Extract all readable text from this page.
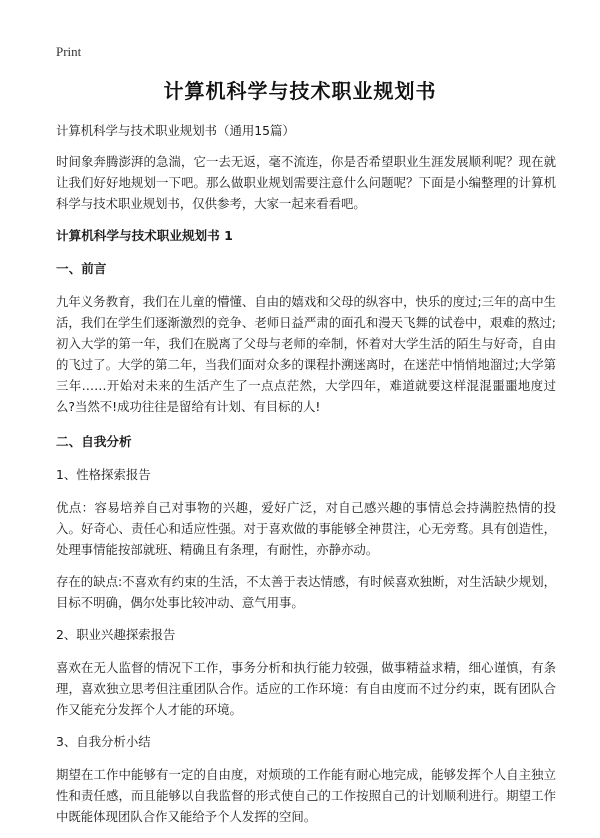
Print
计算机科学与技术职业规划书

计算机科学与技术职业规划书（通用15篇）

时间象奔腾澎湃的急湍，它一去无返，毫不流连，你是否希望职业生涯发展顺利呢？现在就让我们好好地规划一下吧。那么做职业规划需要注意什么问题呢？下面是小编整理的计算机科学与技术职业规划书，仅供参考，大家一起来看看吧。

计算机科学与技术职业规划书 1

一、前言

九年义务教育，我们在儿童的懵懂、自由的嬉戏和父母的纵容中，快乐的度过;三年的高中生活，我们在学生们逐渐激烈的竞争、老师日益严肃的面孔和漫天飞舞的试卷中，艰难的熬过;初入大学的第一年，我们在脱离了父母与老师的牵制，怀着对大学生活的陌生与好奇，自由的飞过了。大学的第二年，当我们面对众多的课程扑溯迷离时，在迷茫中悄悄地溜过;大学第三年……开始对未来的生活产生了一点点茫然，大学四年，难道就要这样混混噩噩地度过么?当然不!成功往往是留给有计划、有目标的人!

二、自我分析

1、性格探索报告

优点：容易培养自己对事物的兴趣，爱好广泛，对自己感兴趣的事情总会持满腔热情的投入。好奇心、责任心和适应性强。对于喜欢做的事能够全神贯注，心无旁骛。具有创造性，处理事情能按部就班、精确且有条理，有耐性，亦静亦动。

存在的缺点:不喜欢有约束的生活，不太善于表达情感，有时候喜欢独断，对生活缺少规划，目标不明确，偶尔处事比较冲动、意气用事。

2、职业兴趣探索报告

喜欢在无人监督的情况下工作，事务分析和执行能力较强，做事精益求精，细心谨慎，有条理，喜欢独立思考但注重团队合作。适应的工作环境：有自由度而不过分约束，既有团队合作又能充分发挥个人才能的环境。

3、自我分析小结

期望在工作中能够有一定的自由度，对烦琐的工作能有耐心地完成，能够发挥个人自主独立性和责任感，而且能够以自我监督的形式使自己的工作按照自己的计划顺利进行。期望工作中既能体现团队合作又能给予个人发挥的空间。
